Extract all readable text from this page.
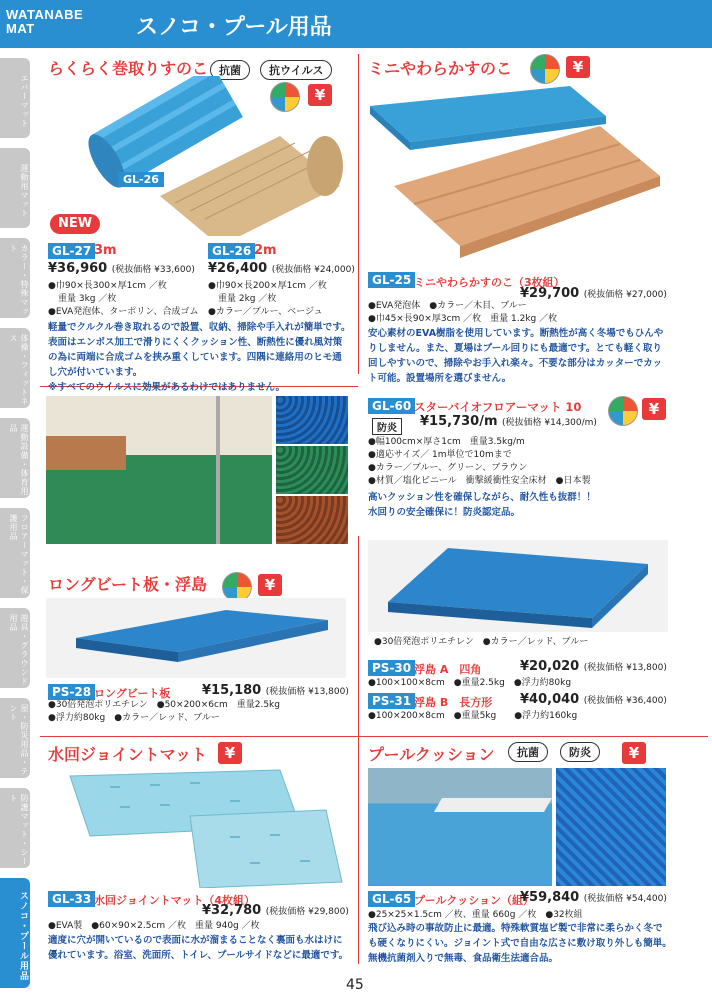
WATANABE
MAT	スノコ・プール用品
エバーマット
運動用マット
カラー・特殊マット
体操・フィットネス
運動設備・体育用品
フロアーマット・保護用品
遊具・グラウンド用品
屋・防災用品・テント
防護マット・シート
スノコ・プール用品
らくらく巻取りすのこ 抗菌	抗ウイルス
¥
GL-26
NEW
GL-27 3m
¥36,960 (税抜価格 ¥33,600)
●巾90×長300×厚1cm ／枚
重量 3kg ／枚
GL-26 2m
¥26,400 (税抜価格 ¥24,000)
●巾90×長200×厚1cm ／枚
重量 2kg ／枚
●EVA発泡体、ターポリン、合成ゴム ●カラー／ブルー、ベージュ
軽量でクルクル巻き取れるので設置、収納、掃除や手入れが簡単です。
表面はエンボス加工で滑りにくくクッション性、断熱性に優れ風対策
の為に両端に合成ゴムを挟み重くしています。四隅に連絡用のヒモ通
し穴が付いています。
※すべてのウイルスに効果があるわけではありません。
ミニやわらかすのこ	¥
GL-25 ミニやわらかすのこ（3枚組）
¥29,700 (税抜価格 ¥27,000)
●EVA発泡体　●カラー／木目、ブルー
●巾45×長90×厚3cm ／枚　重量 1.2kg ／枚
安心素材のEVA樹脂を使用しています。断熱性が高く冬場でもひんや
りしません。また、夏場はプール回りにも最適です。とても軽く取り
回しやすいので、掃除やお手入れ楽々。不要な部分はカッターでカッ
ト可能。設置場所を選びません。
GL-60 スターバイオフロアーマット 10	¥
防炎	¥15,730/m (税抜価格 ¥14,300/m)
●幅100cm×厚さ1cm　重量3.5kg/m
●適応サイズ／ 1m単位で10mまで
●カラー／ブルー、グリーン、ブラウン
●材質／塩化ビニール　衝撃緩衝性安全床材　●日本製
高いクッション性を確保しながら、耐久性も抜群！！
水回りの安全確保に！防炎認定品。
ロングビート板・浮島	¥
PS-28 ロングビート板 ¥15,180 (税抜価格 ¥13,800)
●30倍発泡ポリエチレン　●50×200×6cm　重量2.5kg
●浮力約80kg　●カラー／レッド、ブルー
●30倍発泡ポリエチレン　●カラー／レッド、ブルー
PS-30 浮島 A　四角	¥20,020 (税抜価格 ¥13,800)
●100×100×8cm　●重量2.5kg　●浮力約80kg
PS-31 浮島 B　長方形 ¥40,040 (税抜価格 ¥36,400)
●100×200×8cm　●重量5kg　　●浮力約160kg
水回ジョイントマット	¥
GL-33 水回ジョイントマット（4枚組）
¥32,780 (税抜価格 ¥29,800)
●EVA製　●60×90×2.5cm ／枚　重量 940g ／枚
適度に穴が開いているので表面に水が溜まることなく裏面も水はけに
優れています。浴室、洗面所、トイレ、プールサイドなどに最適です。
プールクッション	抗菌	防炎	¥
GL-65 プールクッション（組）
¥59,840 (税抜価格 ¥54,400)
●25×25×1.5cm ／枚、重量 660g ／枚　●32枚組
飛び込み時の事故防止に最適。特殊軟質塩ビ製で非常に柔らかく冬で
も硬くなりにくい。ジョイント式で自由な広さに敷け取り外しも簡単。
無機抗菌剤入りで無毒、食品衛生法適合品。
45
